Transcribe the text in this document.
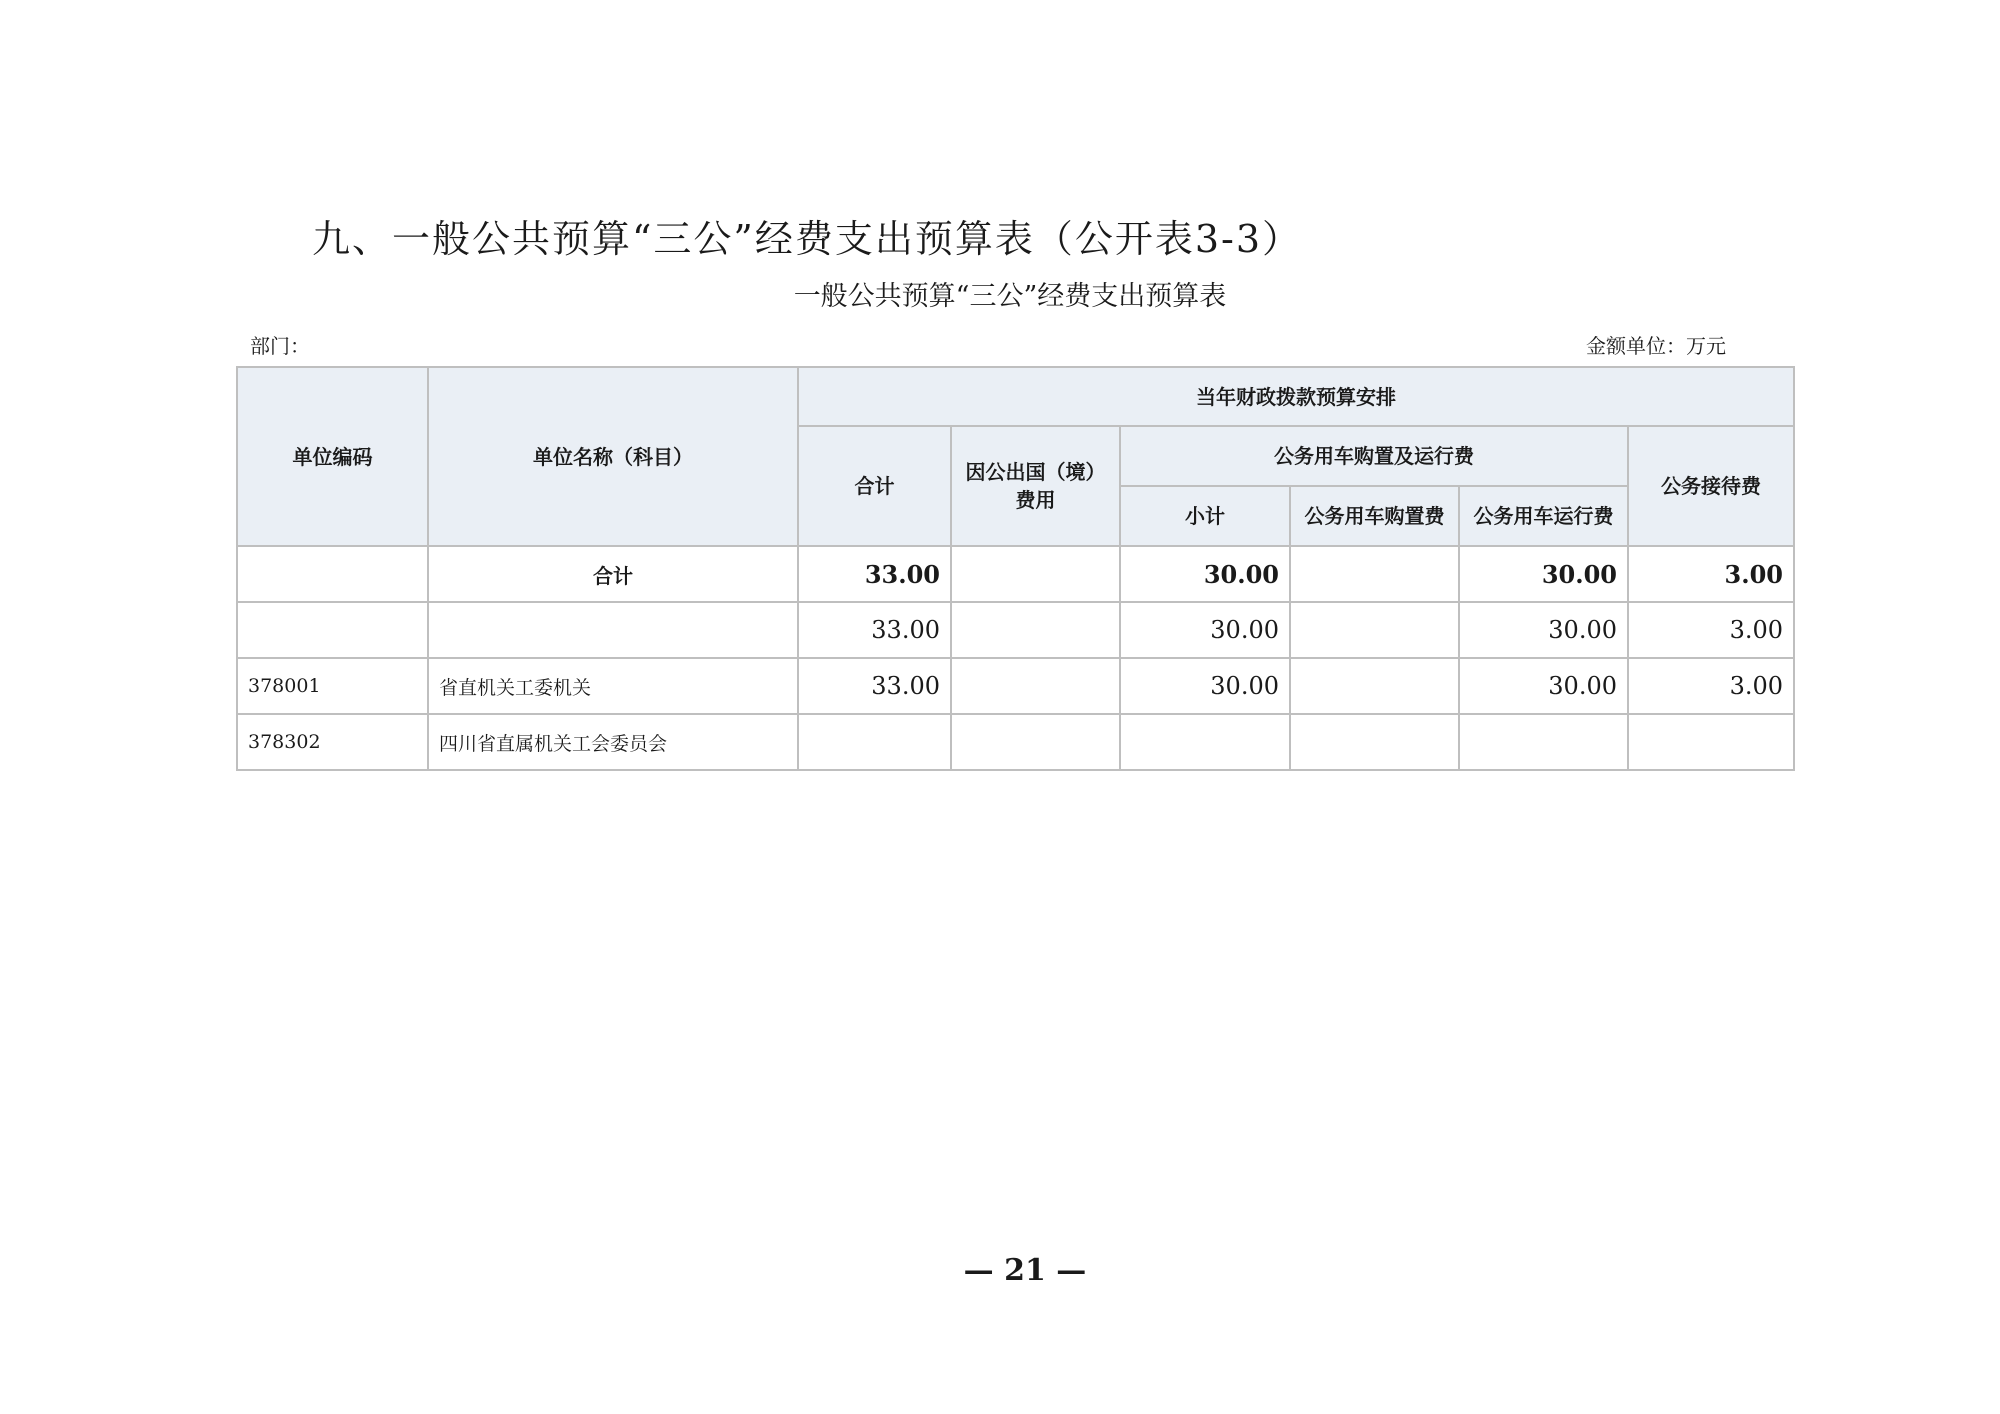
九、一般公共预算“三公”经费支出预算表（公开表3-3）
一般公共预算“三公”经费支出预算表
部门：	金额单位：万元
单位编码	单位名称（科目）	当年财政拨款预算安排					
		合计	因公出国（境）费用	公务用车购置及运行费			公务接待费
				小计	公务用车购置费	公务用车运行费	
	合计	33.00		30.00		30.00	3.00
		33.00		30.00		30.00	3.00
378001	省直机关工委机关	33.00		30.00		30.00	3.00
378302	四川省直属机关工会委员会						
— 21 —
